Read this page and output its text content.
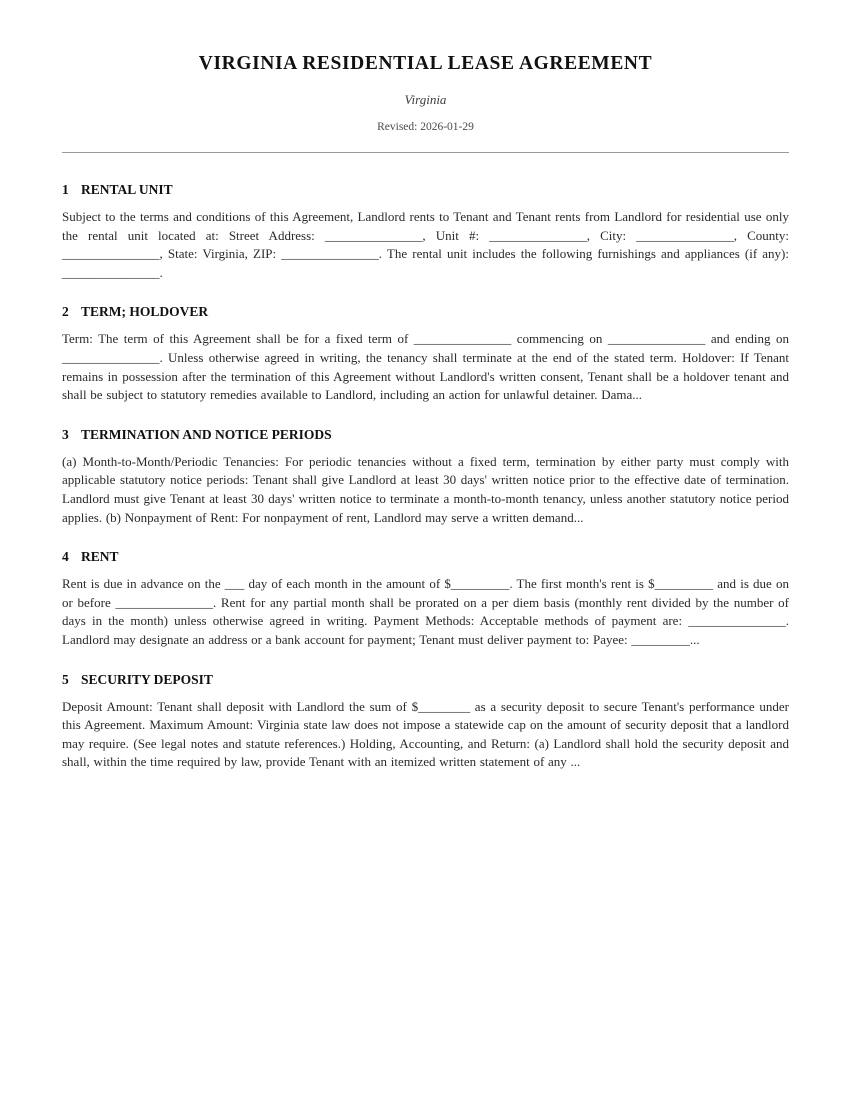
VIRGINIA RESIDENTIAL LEASE AGREEMENT
Virginia
Revised: 2026-01-29
1 RENTAL UNIT
Subject to the terms and conditions of this Agreement, Landlord rents to Tenant and Tenant rents from Landlord for residential use only the rental unit located at: Street Address: _______________, Unit #: _______________, City: _______________, County: _______________, State: Virginia, ZIP: _______________. The rental unit includes the following furnishings and appliances (if any): _______________.
2 TERM; HOLDOVER
Term: The term of this Agreement shall be for a fixed term of _______________ commencing on _______________ and ending on _______________. Unless otherwise agreed in writing, the tenancy shall terminate at the end of the stated term. Holdover: If Tenant remains in possession after the termination of this Agreement without Landlord's written consent, Tenant shall be a holdover tenant and shall be subject to statutory remedies available to Landlord, including an action for unlawful detainer. Dama...
3 TERMINATION AND NOTICE PERIODS
(a) Month-to-Month/Periodic Tenancies: For periodic tenancies without a fixed term, termination by either party must comply with applicable statutory notice periods: Tenant shall give Landlord at least 30 days' written notice prior to the effective date of termination. Landlord must give Tenant at least 30 days' written notice to terminate a month-to-month tenancy, unless another statutory notice period applies. (b) Nonpayment of Rent: For nonpayment of rent, Landlord may serve a written demand...
4 RENT
Rent is due in advance on the ___ day of each month in the amount of $_________. The first month's rent is $_________ and is due on or before _______________. Rent for any partial month shall be prorated on a per diem basis (monthly rent divided by the number of days in the month) unless otherwise agreed in writing. Payment Methods: Acceptable methods of payment are: _______________. Landlord may designate an address or a bank account for payment; Tenant must deliver payment to: Payee: _________...
5 SECURITY DEPOSIT
Deposit Amount: Tenant shall deposit with Landlord the sum of $________ as a security deposit to secure Tenant's performance under this Agreement. Maximum Amount: Virginia state law does not impose a statewide cap on the amount of security deposit that a landlord may require. (See legal notes and statute references.) Holding, Accounting, and Return: (a) Landlord shall hold the security deposit and shall, within the time required by law, provide Tenant with an itemized written statement of any ...
